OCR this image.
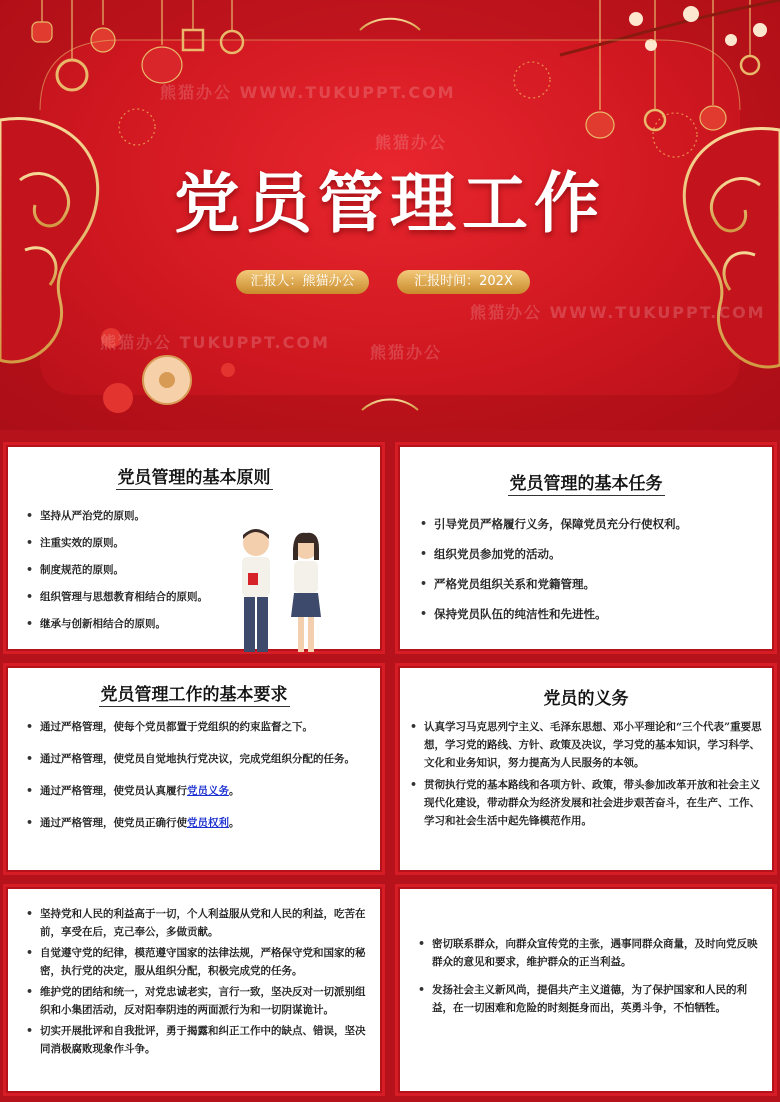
熊猫办公 WWW.TUKUPPT.COM
熊猫办公
熊猫办公
熊猫办公 TUKUPPT.COM
熊猫办公 WWW.TUKUPPT.COM
党员管理工作
汇报人：熊猫办公	汇报时间：202X
党员管理的基本原则
• 坚持从严治党的原则。
• 注重实效的原则。
• 制度规范的原则。
• 组织管理与思想教育相结合的原则。
• 继承与创新相结合的原则。
党员管理的基本任务
• 引导党员严格履行义务，保障党员充分行使权利。
• 组织党员参加党的活动。
• 严格党员组织关系和党籍管理。
• 保持党员队伍的纯洁性和先进性。
党员管理工作的基本要求
• 通过严格管理，使每个党员都置于党组织的约束监督之下。
• 通过严格管理，使党员自觉地执行党决议，完成党组织分配的任务。
• 通过严格管理，使党员认真履行党员义务。
• 通过严格管理，使党员正确行使党员权利。
党员的义务
• 认真学习马克思列宁主义、毛泽东思想、邓小平理论和“三个代表”重要思想，学习党的路线、方针、政策及决议，学习党的基本知识，学习科学、文化和业务知识，努力提高为人民服务的本领。
• 贯彻执行党的基本路线和各项方针、政策，带头参加改革开放和社会主义现代化建设，带动群众为经济发展和社会进步艰苦奋斗，在生产、工作、学习和社会生活中起先锋模范作用。
• 坚持党和人民的利益高于一切，个人利益服从党和人民的利益，吃苦在前，享受在后，克己奉公，多做贡献。
• 自觉遵守党的纪律，模范遵守国家的法律法规，严格保守党和国家的秘密，执行党的决定，服从组织分配，积极完成党的任务。
• 维护党的团结和统一，对党忠诚老实，言行一致，坚决反对一切派别组织和小集团活动，反对阳奉阴违的两面派行为和一切阴谋诡计。
• 切实开展批评和自我批评，勇于揭露和纠正工作中的缺点、错误，坚决同消极腐败现象作斗争。
• 密切联系群众，向群众宣传党的主张，遇事同群众商量，及时向党反映群众的意见和要求，维护群众的正当利益。
• 发扬社会主义新风尚，提倡共产主义道德，为了保护国家和人民的利益，在一切困难和危险的时刻挺身而出，英勇斗争，不怕牺牲。
